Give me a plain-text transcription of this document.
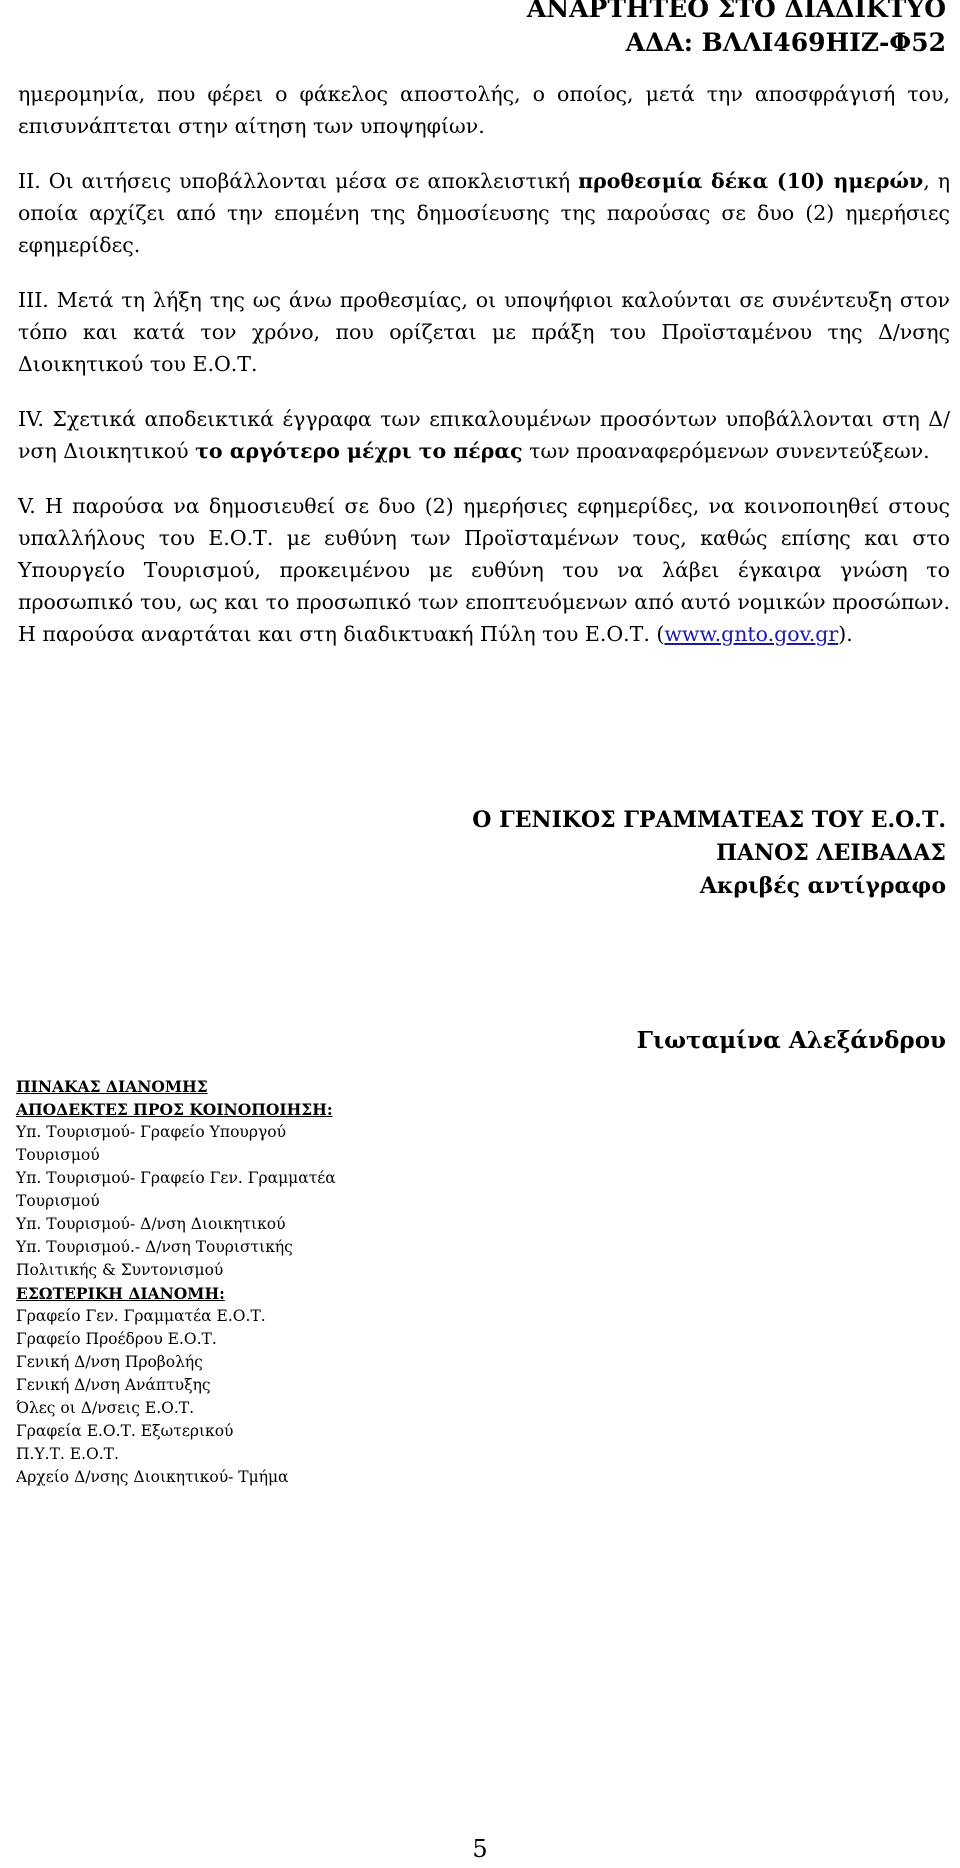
ΑΝΑΡΤΗΤΕΟ ΣΤΟ ΔΙΑΔΙΚΤΥΟ
ΑΔΑ: ΒΛΛΙ469ΗΙΖ-Φ52

ημερομηνία, που φέρει ο φάκελος αποστολής, ο οποίος, μετά την αποσφράγισή του, επισυνάπτεται στην αίτηση των υποψηφίων.

II. Οι αιτήσεις υποβάλλονται μέσα σε αποκλειστική προθεσμία δέκα (10) ημερών, η οποία αρχίζει από την επομένη της δημοσίευσης της παρούσας σε δυο (2) ημερήσιες εφημερίδες.

III. Μετά τη λήξη της ως άνω προθεσμίας, οι υποψήφιοι καλούνται σε συνέντευξη στον τόπο και κατά τον χρόνο, που ορίζεται με πράξη του Προϊσταμένου της Δ/νσης Διοικητικού του Ε.Ο.Τ.

IV. Σχετικά αποδεικτικά έγγραφα των επικαλουμένων προσόντων υποβάλλονται στη Δ/νση Διοικητικού το αργότερο μέχρι το πέρας των προαναφερόμενων συνεντεύξεων.

V. Η παρούσα να δημοσιευθεί σε δυο (2) ημερήσιες εφημερίδες, να κοινοποιηθεί στους υπαλλήλους του Ε.Ο.Τ. με ευθύνη των Προϊσταμένων τους, καθώς επίσης και στο Υπουργείο Τουρισμού, προκειμένου με ευθύνη του να λάβει έγκαιρα γνώση το προσωπικό του, ως και το προσωπικό των εποπτευόμενων από αυτό νομικών προσώπων. Η παρούσα αναρτάται και στη διαδικτυακή Πύλη του Ε.Ο.Τ. (www.gnto.gov.gr).

Ο ΓΕΝΙΚΟΣ ΓΡΑΜΜΑΤΕΑΣ ΤΟΥ Ε.Ο.Τ.
ΠΑΝΟΣ ΛΕΙΒΑΔΑΣ
Ακριβές αντίγραφο
Γιωταμίνα Αλεξάνδρου
ΠΙΝΑΚΑΣ ΔΙΑΝΟΜΗΣ
ΑΠΟΔΕΚΤΕΣ ΠΡΟΣ ΚΟΙΝΟΠΟΙΗΣΗ:
Υπ. Τουρισμού- Γραφείο Υπουργού
Τουρισμού
Υπ. Τουρισμού- Γραφείο Γεν. Γραμματέα
Τουρισμού
Υπ. Τουρισμού- Δ/νση Διοικητικού
Υπ. Τουρισμού.- Δ/νση Τουριστικής
Πολιτικής & Συντονισμού
ΕΣΩΤΕΡΙΚΗ ΔΙΑΝΟΜΗ:
Γραφείο Γεν. Γραμματέα Ε.Ο.Τ.
Γραφείο Προέδρου Ε.Ο.Τ.
Γενική Δ/νση Προβολής
Γενική Δ/νση Ανάπτυξης
Όλες οι Δ/νσεις Ε.Ο.Τ.
Γραφεία Ε.Ο.Τ. Εξωτερικού
Π.Υ.Τ. Ε.Ο.Τ.
Αρχείο Δ/νσης Διοικητικού- Τμήμα
5
